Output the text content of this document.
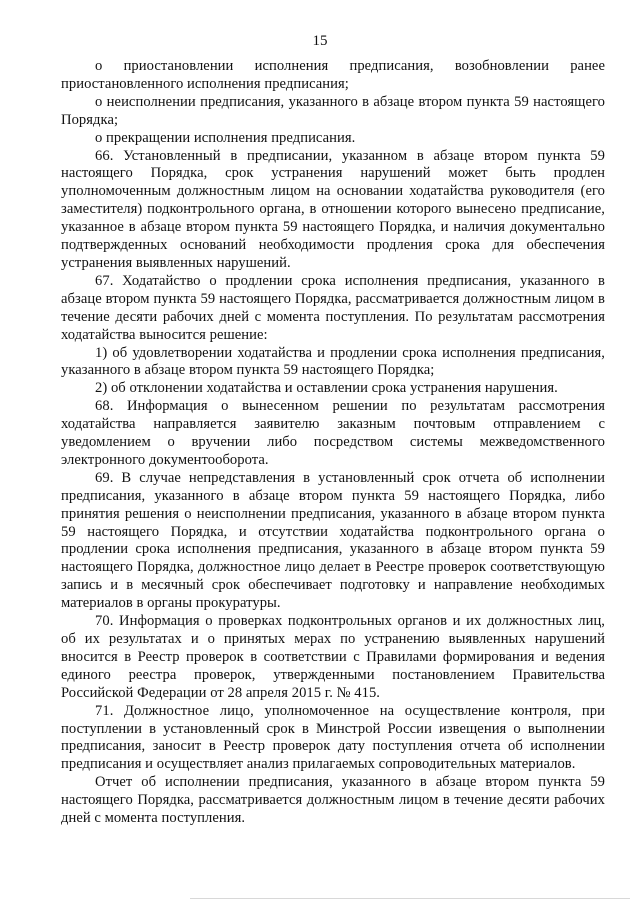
15

о приостановлении исполнения предписания, возобновлении ранее приостановленного исполнения предписания;

о неисполнении предписания, указанного в абзаце втором пункта 59 настоящего Порядка;

о прекращении исполнения предписания.

66. Установленный в предписании, указанном в абзаце втором пункта 59 настоящего Порядка, срок устранения нарушений может быть продлен уполномоченным должностным лицом на основании ходатайства руководителя (его заместителя) подконтрольного органа, в отношении которого вынесено предписание, указанное в абзаце втором пункта 59 настоящего Порядка, и наличия документально подтвержденных оснований необходимости продления срока для обеспечения устранения выявленных нарушений.

67. Ходатайство о продлении срока исполнения предписания, указанного в абзаце втором пункта 59 настоящего Порядка, рассматривается должностным лицом в течение десяти рабочих дней с момента поступления. По результатам рассмотрения ходатайства выносится решение:

1) об удовлетворении ходатайства и продлении срока исполнения предписания, указанного в абзаце втором пункта 59 настоящего Порядка;

2) об отклонении ходатайства и оставлении срока устранения нарушения.

68. Информация о вынесенном решении по результатам рассмотрения ходатайства направляется заявителю заказным почтовым отправлением с уведомлением о вручении либо посредством системы межведомственного электронного документооборота.

69. В случае непредставления в установленный срок отчета об исполнении предписания, указанного в абзаце втором пункта 59 настоящего Порядка, либо принятия решения о неисполнении предписания, указанного в абзаце втором пункта 59 настоящего Порядка, и отсутствии ходатайства подконтрольного органа о продлении срока исполнения предписания, указанного в абзаце втором пункта 59 настоящего Порядка, должностное лицо делает в Реестре проверок соответствующую запись и в месячный срок обеспечивает подготовку и направление необходимых материалов в органы прокуратуры.

70. Информация о проверках подконтрольных органов и их должностных лиц, об их результатах и о принятых мерах по устранению выявленных нарушений вносится в Реестр проверок в соответствии с Правилами формирования и ведения единого реестра проверок, утвержденными постановлением Правительства Российской Федерации от 28 апреля 2015 г. № 415.

71. Должностное лицо, уполномоченное на осуществление контроля, при поступлении в установленный срок в Минстрой России извещения о выполнении предписания, заносит в Реестр проверок дату поступления отчета об исполнении предписания и осуществляет анализ прилагаемых сопроводительных материалов.

Отчет об исполнении предписания, указанного в абзаце втором пункта 59 настоящего Порядка, рассматривается должностным лицом в течение десяти рабочих дней с момента поступления.
